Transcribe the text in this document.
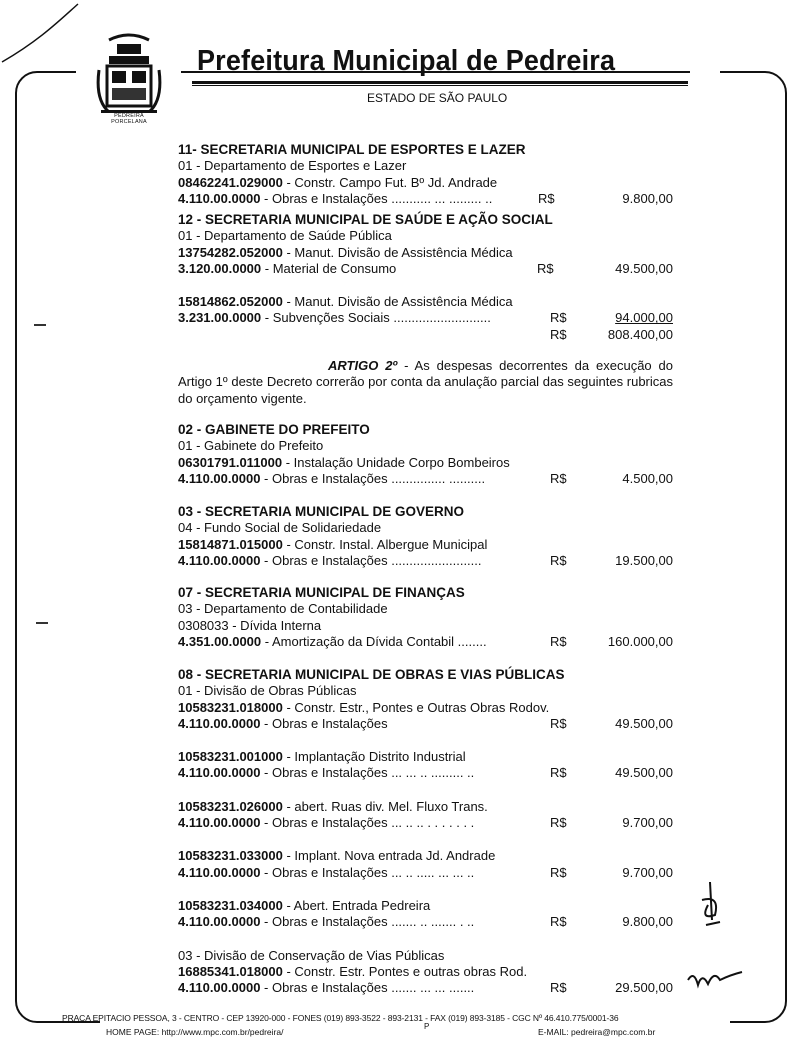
PEDREIRA PORCELANA
Prefeitura Municipal de Pedreira
ESTADO DE SÃO PAULO
11- SECRETARIA MUNICIPAL DE ESPORTES E LAZER
01 - Departamento de Esportes e Lazer
08462241.029000 - Constr. Campo Fut. Bº Jd. Andrade
4.110.00.0000 - Obras e Instalações ........... ... ......... ..	R$	9.800,00
12 - SECRETARIA MUNICIPAL DE SAÚDE E AÇÃO SOCIAL
01 - Departamento de Saúde Pública
13754282.052000 - Manut. Divisão de Assistência Médica
3.120.00.0000 - Material de Consumo	R$	49.500,00
15814862.052000 - Manut. Divisão de Assistência Médica
3.231.00.0000 - Subvenções Sociais ...........................	R$	94.000,00
R$	808.400,00
ARTIGO 2º - As despesas decorrentes da execução do Artigo 1º deste Decreto correrão por conta da anulação parcial das seguintes rubricas do orçamento vigente.
02 - GABINETE DO PREFEITO
01 - Gabinete do Prefeito
06301791.011000 - Instalação Unidade Corpo Bombeiros
4.110.00.0000 - Obras e Instalações ............... ..........	R$	4.500,00
03 - SECRETARIA MUNICIPAL DE GOVERNO
04 - Fundo Social de Solidariedade
15814871.015000 - Constr. Instal. Albergue Municipal
4.110.00.0000 - Obras e Instalações .........................	R$	19.500,00
07 - SECRETARIA MUNICIPAL DE FINANÇAS
03 - Departamento de Contabilidade
0308033 - Dívida Interna
4.351.00.0000 - Amortização da Dívida Contabil ........	R$	160.000,00
08 - SECRETARIA MUNICIPAL DE OBRAS E VIAS PÚBLICAS
01 - Divisão de Obras Públicas
10583231.018000 - Constr. Estr., Pontes e Outras Obras Rodov.
4.110.00.0000 - Obras e Instalações	R$	49.500,00
10583231.001000 - Implantação Distrito Industrial
4.110.00.0000 - Obras e Instalações ... ... .. ......... ..	R$	49.500,00
10583231.026000 - abert. Ruas div. Mel. Fluxo Trans.
4.110.00.0000 - Obras e Instalações ... .. .. . . . . . . .	R$	9.700,00
10583231.033000 - Implant. Nova entrada Jd. Andrade
4.110.00.0000 - Obras e Instalações ... .. ..... ... ... ..	R$	9.700,00
10583231.034000 - Abert. Entrada Pedreira
4.110.00.0000 - Obras e Instalações ....... .. ....... . ..	R$	9.800,00
03 - Divisão de Conservação de Vias Públicas
16885341.018000 - Constr. Estr. Pontes e outras obras Rod.
4.110.00.0000 - Obras e Instalações ....... ... ... .......	R$	29.500,00
PRAÇA EPITACIO PESSOA, 3 - CENTRO - CEP 13920-000 - FONES (019) 893-3522 - 893-2131 - FAX (019) 893-3185 - CGC Nº 46.410.775/0001-36
HOME PAGE: http://www.mpc.com.br/pedreira/
P
E-MAIL: pedreira@mpc.com.br
